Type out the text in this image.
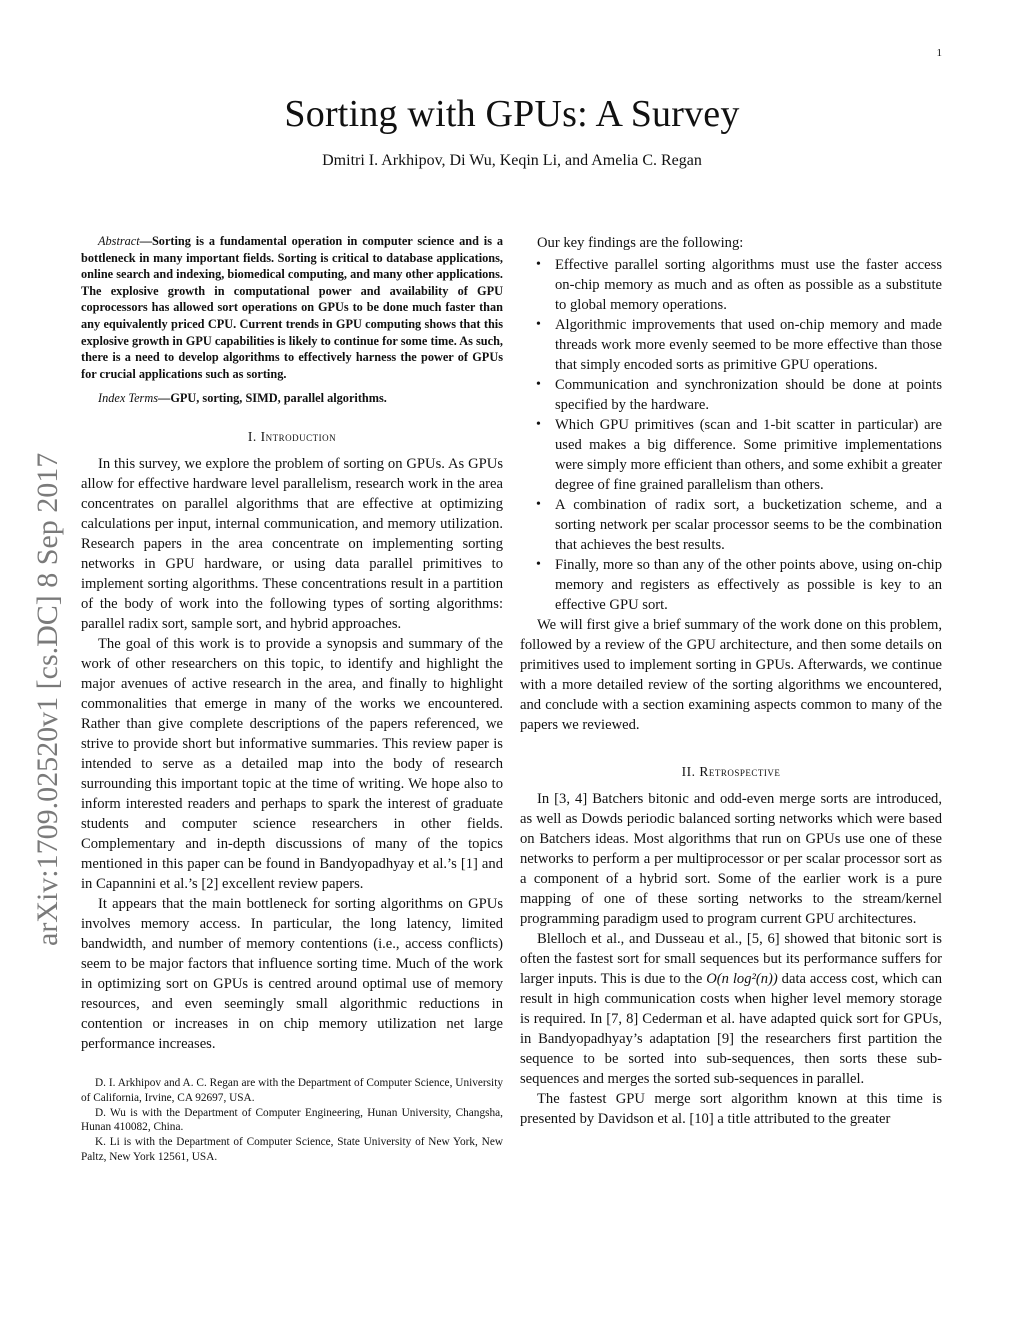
1
arXiv:1709.02520v1 [cs.DC] 8 Sep 2017
Sorting with GPUs: A Survey
Dmitri I. Arkhipov, Di Wu, Keqin Li, and Amelia C. Regan
Abstract—Sorting is a fundamental operation in computer science and is a bottleneck in many important fields. Sorting is critical to database applications, online search and indexing, biomedical computing, and many other applications. The explosive growth in computational power and availability of GPU coprocessors has allowed sort operations on GPUs to be done much faster than any equivalently priced CPU. Current trends in GPU computing shows that this explosive growth in GPU capabilities is likely to continue for some time. As such, there is a need to develop algorithms to effectively harness the power of GPUs for crucial applications such as sorting.
Index Terms—GPU, sorting, SIMD, parallel algorithms.
I. Introduction

In this survey, we explore the problem of sorting on GPUs. As GPUs allow for effective hardware level parallelism, research work in the area concentrates on parallel algorithms that are effective at optimizing calculations per input, internal communication, and memory utilization. Research papers in the area concentrate on implementing sorting networks in GPU hardware, or using data parallel primitives to implement sorting algorithms. These concentrations result in a partition of the body of work into the following types of sorting algorithms: parallel radix sort, sample sort, and hybrid approaches.

The goal of this work is to provide a synopsis and summary of the work of other researchers on this topic, to identify and highlight the major avenues of active research in the area, and finally to highlight commonalities that emerge in many of the works we encountered. Rather than give complete descriptions of the papers referenced, we strive to provide short but informative summaries. This review paper is intended to serve as a detailed map into the body of research surrounding this important topic at the time of writing. We hope also to inform interested readers and perhaps to spark the interest of graduate students and computer science researchers in other fields. Complementary and in-depth discussions of many of the topics mentioned in this paper can be found in Bandyopadhyay et al.’s [1] and in Capannini et al.’s [2] excellent review papers.

It appears that the main bottleneck for sorting algorithms on GPUs involves memory access. In particular, the long latency, limited bandwidth, and number of memory contentions (i.e., access conflicts) seem to be major factors that influence sorting time. Much of the work in optimizing sort on GPUs is centred around optimal use of memory resources, and even seemingly small algorithmic reductions in contention or increases in on chip memory utilization net large performance increases.

D. I. Arkhipov and A. C. Regan are with the Department of Computer Science, University of California, Irvine, CA 92697, USA.

D. Wu is with the Department of Computer Engineering, Hunan University, Changsha, Hunan 410082, China.

K. Li is with the Department of Computer Science, State University of New York, New Paltz, New York 12561, USA.

Our key findings are the following:

• Effective parallel sorting algorithms must use the faster access on-chip memory as much and as often as possible as a substitute to global memory operations.
• Algorithmic improvements that used on-chip memory and made threads work more evenly seemed to be more effective than those that simply encoded sorts as primitive GPU operations.
• Communication and synchronization should be done at points specified by the hardware.
• Which GPU primitives (scan and 1-bit scatter in particular) are used makes a big difference. Some primitive implementations were simply more efficient than others, and some exhibit a greater degree of fine grained parallelism than others.
• A combination of radix sort, a bucketization scheme, and a sorting network per scalar processor seems to be the combination that achieves the best results.
• Finally, more so than any of the other points above, using on-chip memory and registers as effectively as possible is key to an effective GPU sort.

We will first give a brief summary of the work done on this problem, followed by a review of the GPU architecture, and then some details on primitives used to implement sorting in GPUs. Afterwards, we continue with a more detailed review of the sorting algorithms we encountered, and conclude with a section examining aspects common to many of the papers we reviewed.

II. Retrospective

In [3, 4] Batchers bitonic and odd-even merge sorts are introduced, as well as Dowds periodic balanced sorting networks which were based on Batchers ideas. Most algorithms that run on GPUs use one of these networks to perform a per multiprocessor or per scalar processor sort as a component of a hybrid sort. Some of the earlier work is a pure mapping of one of these sorting networks to the stream/kernel programming paradigm used to program current GPU architectures.

Blelloch et al., and Dusseau et al., [5, 6] showed that bitonic sort is often the fastest sort for small sequences but its performance suffers for larger inputs. This is due to the O(n log²(n)) data access cost, which can result in high communication costs when higher level memory storage is required. In [7, 8] Cederman et al. have adapted quick sort for GPUs, in Bandyopadhyay’s adaptation [9] the researchers first partition the sequence to be sorted into sub-sequences, then sorts these sub-sequences and merges the sorted sub-sequences in parallel.

The fastest GPU merge sort algorithm known at this time is presented by Davidson et al. [10] a title attributed to the greater
